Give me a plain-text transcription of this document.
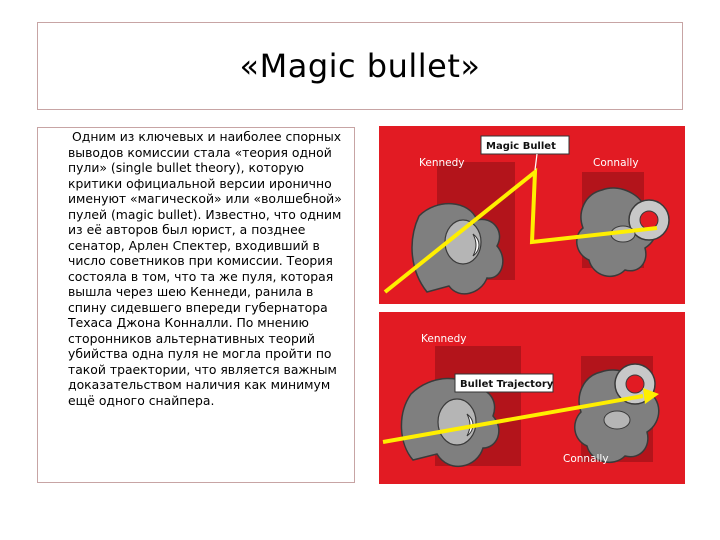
«Magic bullet»

Одним из ключевых и наиболее спорных выводов комиссии стала «теория одной пули» (single bullet theory), которую критики официальной версии иронично именуют «магической» или «волшебной» пулей (magic bullet). Известно, что одним из её авторов был юрист, а позднее сенатор, Арлен Спектер, входивший в число советников при комиссии. Теория состояла в том, что та же пуля, которая вышла через шею Кеннеди, ранила в спину сидевшего впереди губернатора Техаса Джона Конналли. По мнению сторонников альтернативных теорий убийства одна пуля не могла пройти по такой траектории, что является важным доказательством наличия как минимум ещё одного снайпера.

Kennedy	Connally
Magic Bullet
Kennedy
Connally
Bullet Trajectory
